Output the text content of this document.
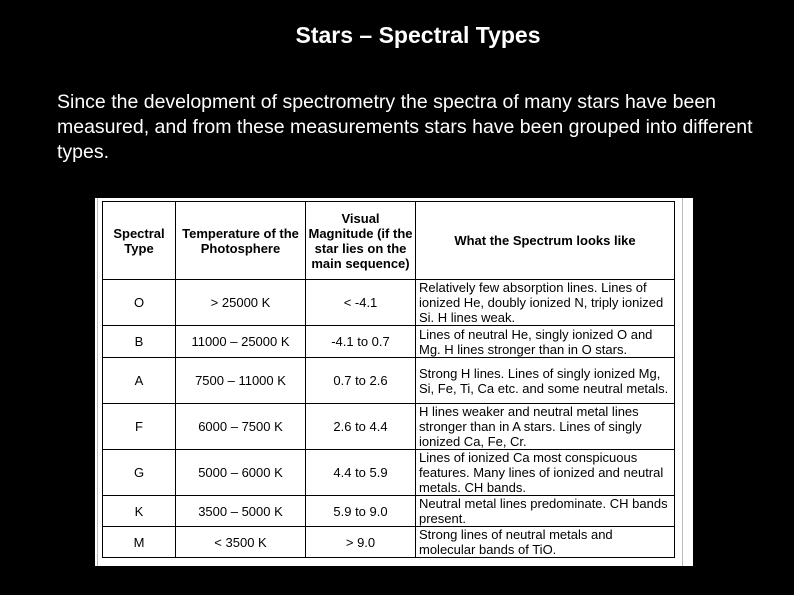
Stars – Spectral Types
Since the development of spectrometry the spectra of many stars have been measured, and from these measurements stars have been grouped into different types.
Spectral Type	Temperature of the Photosphere	Visual Magnitude (if the star lies on the main sequence)	What the Spectrum looks like
O	> 25000 K	< -4.1	Relatively few absorption lines. Lines of ionized He, doubly ionized N, triply ionized Si. H lines weak.
B	11000 – 25000 K	-4.1 to 0.7	Lines of neutral He, singly ionized O and Mg. H lines stronger than in O stars.
A	7500 – 11000 K	0.7 to 2.6	Strong H lines. Lines of singly ionized Mg, Si, Fe, Ti, Ca etc. and some neutral metals.
F	6000 – 7500 K	2.6 to 4.4	H lines weaker and neutral metal lines stronger than in A stars. Lines of singly ionized Ca, Fe, Cr.
G	5000 – 6000 K	4.4 to 5.9	Lines of ionized Ca most conspicuous features. Many lines of ionized and neutral metals. CH bands.
K	3500 – 5000 K	5.9 to 9.0	Neutral metal lines predominate. CH bands present.
M	< 3500 K	> 9.0	Strong lines of neutral metals and molecular bands of TiO.
